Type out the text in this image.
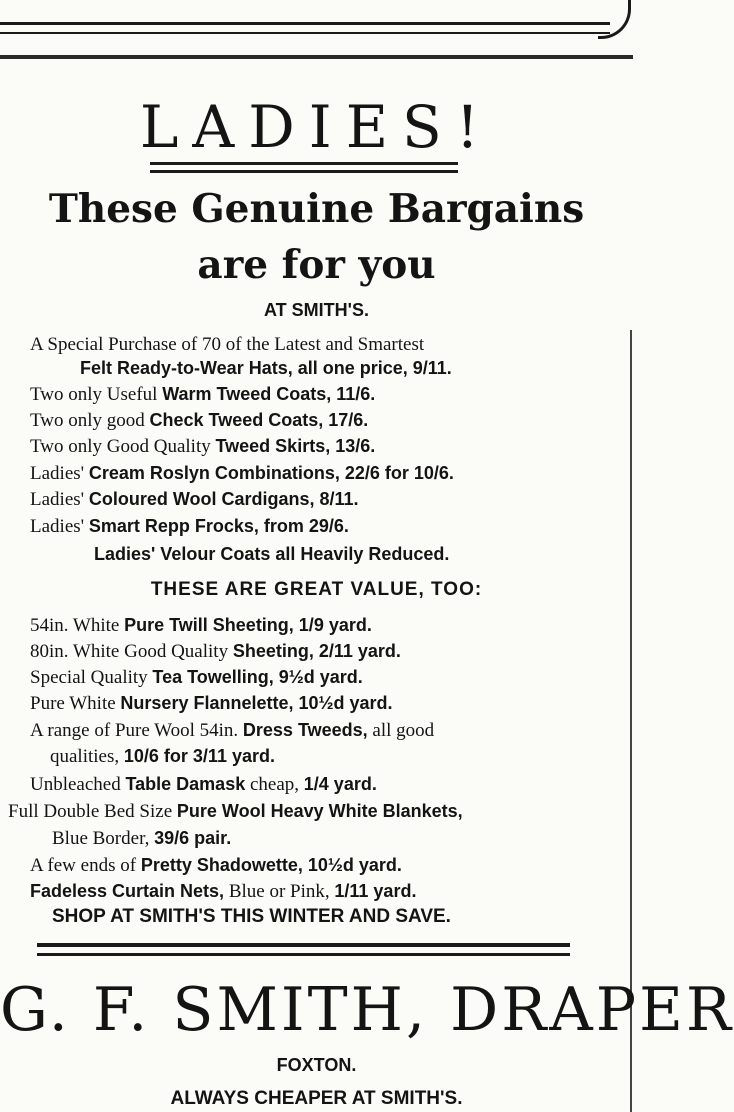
LADIES!
These Genuine Bargains
are for you
AT SMITH'S.
A Special Purchase of 70 of the Latest and Smartest
Felt Ready-to-Wear Hats, all one price, 9/11.
Two only Useful Warm Tweed Coats, 11/6.
Two only good Check Tweed Coats, 17/6.
Two only Good Quality Tweed Skirts, 13/6.
Ladies' Cream Roslyn Combinations, 22/6 for 10/6.
Ladies' Coloured Wool Cardigans, 8/11.
Ladies' Smart Repp Frocks, from 29/6.
Ladies' Velour Coats all Heavily Reduced.
THESE ARE GREAT VALUE, TOO:
54in. White Pure Twill Sheeting, 1/9 yard.
80in. White Good Quality Sheeting, 2/11 yard.
Special Quality Tea Towelling, 9½d yard.
Pure White Nursery Flannelette, 10½d yard.
A range of Pure Wool 54in. Dress Tweeds, all good
qualities, 10/6 for 3/11 yard.
Unbleached Table Damask cheap, 1/4 yard.
Full Double Bed Size Pure Wool Heavy White Blankets,
Blue Border, 39/6 pair.
A few ends of Pretty Shadowette, 10½d yard.
Fadeless Curtain Nets, Blue or Pink, 1/11 yard.
SHOP AT SMITH'S THIS WINTER AND SAVE.
G. F. SMITH, DRAPER
FOXTON.
ALWAYS CHEAPER AT SMITH'S.
